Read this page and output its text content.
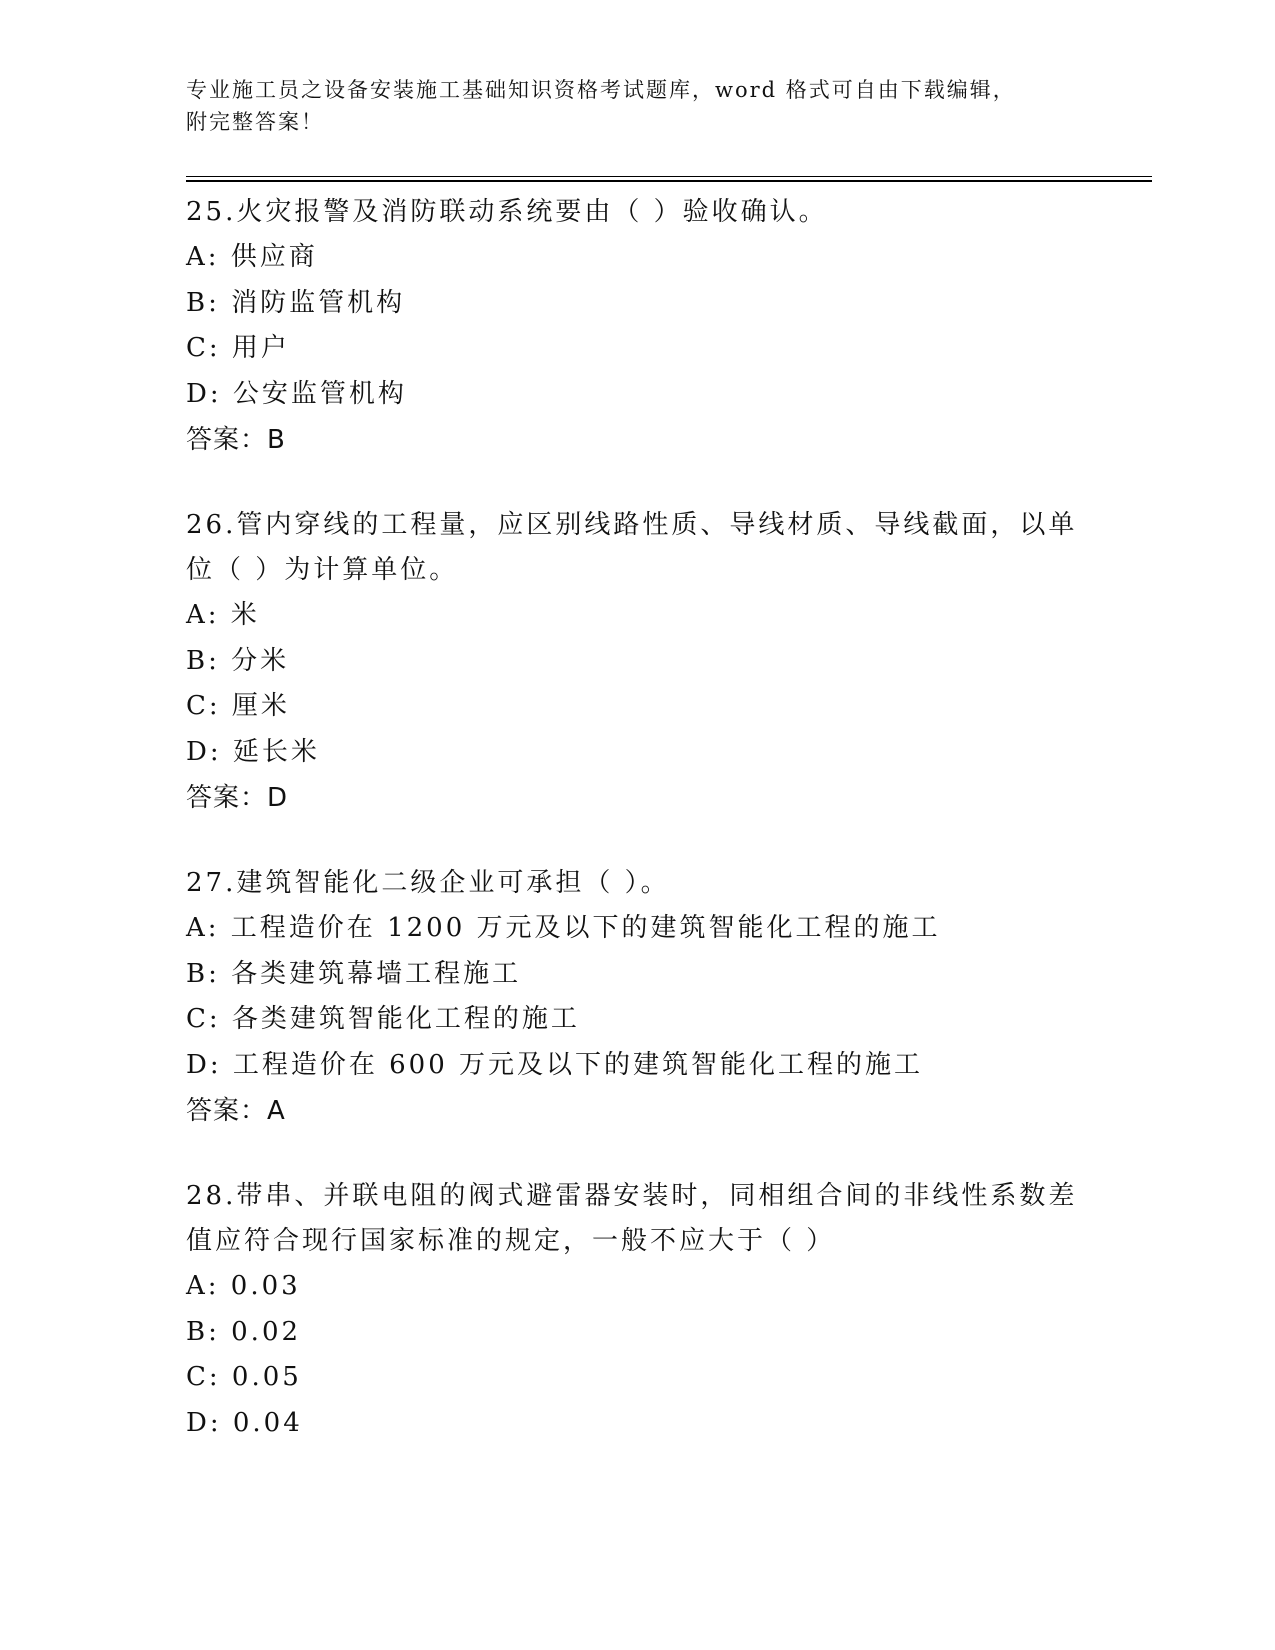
专业施工员之设备安装施工基础知识资格考试题库，word 格式可自由下载编辑，
附完整答案！
25.火灾报警及消防联动系统要由（ ）验收确认。
A: 供应商
B: 消防监管机构
C: 用户
D: 公安监管机构
答案：B
26.管内穿线的工程量，应区别线路性质、导线材质、导线截面，以单位（ ）为计算单位。
A: 米
B: 分米
C: 厘米
D: 延长米
答案：D
27.建筑智能化二级企业可承担（ ）。
A: 工程造价在 1200 万元及以下的建筑智能化工程的施工
B: 各类建筑幕墙工程施工
C: 各类建筑智能化工程的施工
D: 工程造价在 600 万元及以下的建筑智能化工程的施工
答案：A
28.带串、并联电阻的阀式避雷器安装时，同相组合间的非线性系数差值应符合现行国家标准的规定，一般不应大于（ ）
A: 0.03
B: 0.02
C: 0.05
D: 0.04
